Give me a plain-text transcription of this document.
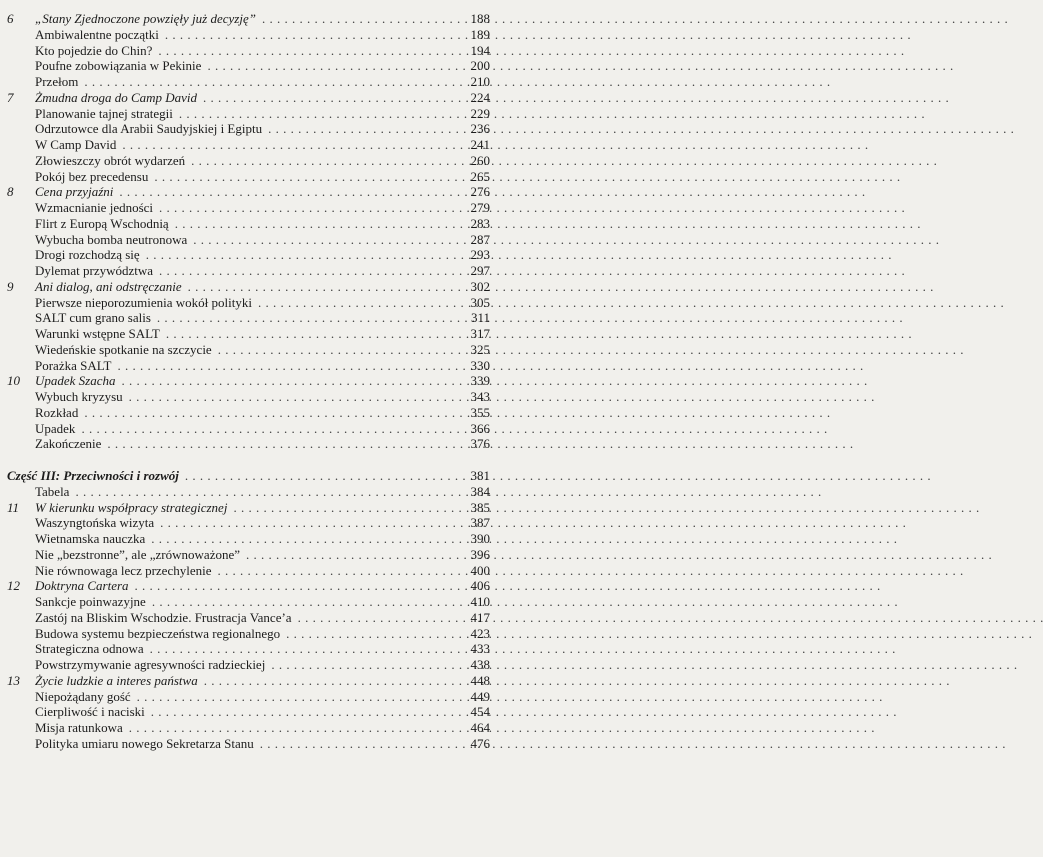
6	„Stany Zjednoczone powzięły już decyzję” . . .	188
Ambiwalentne początki . . .	189
Kto pojedzie do Chin? . . .	194
Poufne zobowiązania w Pekinie . . .	200
Przełom . . .	210
7	Żmudna droga do Camp David . . .	224
Planowanie tajnej strategii . . .	229
Odrzutowce dla Arabii Saudyjskiej i Egiptu . . .	236
W Camp David . . .	241
Złowieszczy obrót wydarzeń . . .	260
Pokój bez precedensu . . .	265
8	Cena przyjaźni . . .	276
Wzmacnianie jedności . . .	279
Flirt z Europą Wschodnią . . .	283
Wybucha bomba neutronowa . . .	287
Drogi rozchodzą się . . .	293
Dylemat przywództwa . . .	297
9	Ani dialog, ani odstręczanie . . .	302
Pierwsze nieporozumienia wokół polityki . . .	305
SALT cum grano salis . . .	311
Warunki wstępne SALT . . .	317
Wiedeńskie spotkanie na szczycie . . .	325
Porażka SALT . . .	330
10	Upadek Szacha . . .	339
Wybuch kryzysu . . .	343
Rozkład . . .	355
Upadek . . .	366
Zakończenie . . .	376
Część III: Przeciwności i rozwój . . .	381
Tabela . . .	384
11	W kierunku współpracy strategicznej . . .	385
Waszyngtońska wizyta . . .	387
Wietnamska nauczka . . .	390
Nie „bezstronne”, ale „zrównoważone” . . .	396
Nie równowaga lecz przechylenie . . .	400
12	Doktryna Cartera . . .	406
Sankcje poinwazyjne . . .	410
Zastój na Bliskim Wschodzie. Frustracja Vance’a . . .	417
Budowa systemu bezpieczeństwa regionalnego . . .	423
Strategiczna odnowa . . .	433
Powstrzymywanie agresywności radzieckiej . . .	438
13	Życie ludzkie a interes państwa . . .	448
Niepożądany gość . . .	449
Cierpliwość i naciski . . .	454
Misja ratunkowa . . .	464
Polityka umiaru nowego Sekretarza Stanu . . .	476
